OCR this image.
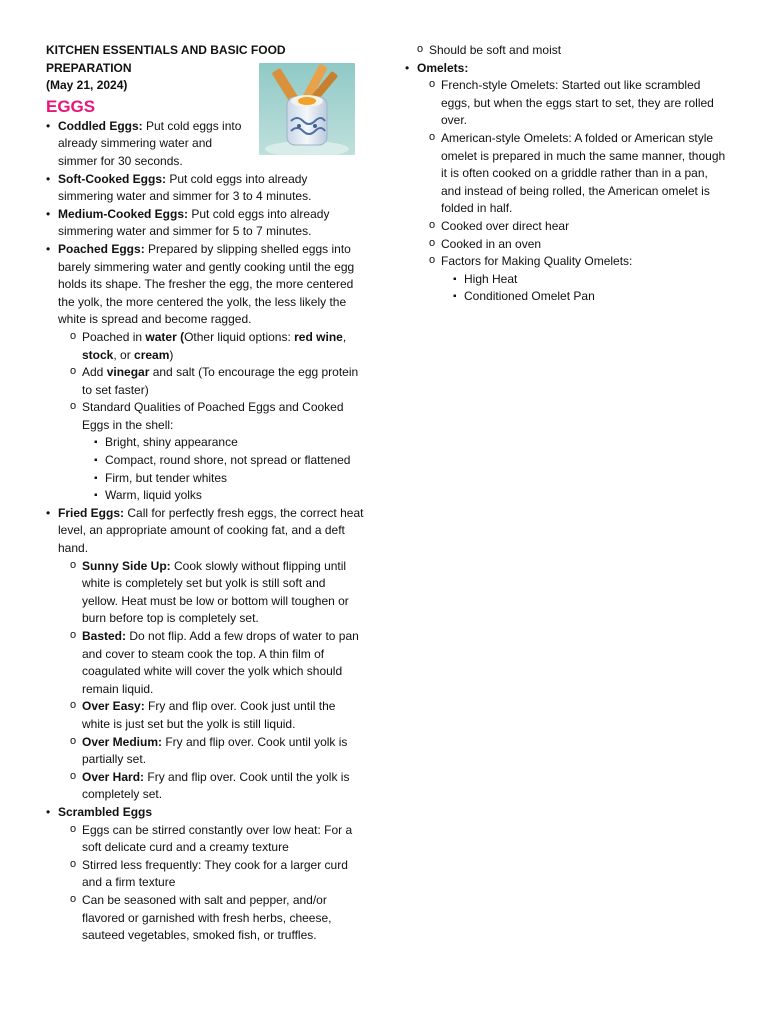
KITCHEN ESSENTIALS AND BASIC FOOD PREPARATION
(May 21, 2024)

EGGS
• Coddled Eggs: Put cold eggs into already simmering water and simmer for 30 seconds.
• Soft-Cooked Eggs: Put cold eggs into already simmering water and simmer for 3 to 4 minutes.
• Medium-Cooked Eggs: Put cold eggs into already simmering water and simmer for 5 to 7 minutes.
• Poached Eggs: Prepared by slipping shelled eggs into barely simmering water and gently cooking until the egg holds its shape. The fresher the egg, the more centered the yolk, the more centered the yolk, the less likely the white is spread and become ragged.
o Poached in water (Other liquid options: red wine, stock, or cream)
o Add vinegar and salt (To encourage the egg protein to set faster)
o Standard Qualities of Poached Eggs and Cooked Eggs in the shell:
▪ Bright, shiny appearance
▪ Compact, round shore, not spread or flattened
▪ Firm, but tender whites
▪ Warm, liquid yolks
• Fried Eggs: Call for perfectly fresh eggs, the correct heat level, an appropriate amount of cooking fat, and a deft hand.
o Sunny Side Up: Cook slowly without flipping until white is completely set but yolk is still soft and yellow. Heat must be low or bottom will toughen or burn before top is completely set.
o Basted: Do not flip. Add a few drops of water to pan and cover to steam cook the top. A thin film of coagulated white will cover the yolk which should remain liquid.
o Over Easy: Fry and flip over. Cook just until the white is just set but the yolk is still liquid.
o Over Medium: Fry and flip over. Cook until yolk is partially set.
o Over Hard: Fry and flip over. Cook until the yolk is completely set.
• Scrambled Eggs
o Eggs can be stirred constantly over low heat: For a soft delicate curd and a creamy texture
o Stirred less frequently: They cook for a larger curd and a firm texture
o Can be seasoned with salt and pepper, and/or flavored or garnished with fresh herbs, cheese, sauteed vegetables, smoked fish, or truffles.
o Should be soft and moist
• Omelets:
o French-style Omelets: Started out like scrambled eggs, but when the eggs start to set, they are rolled over.
o American-style Omelets: A folded or American style omelet is prepared in much the same manner, though it is often cooked on a griddle rather than in a pan, and instead of being rolled, the American omelet is folded in half.
o Cooked over direct hear
o Cooked in an oven
o Factors for Making Quality Omelets:
▪ High Heat
▪ Conditioned Omelet Pan
